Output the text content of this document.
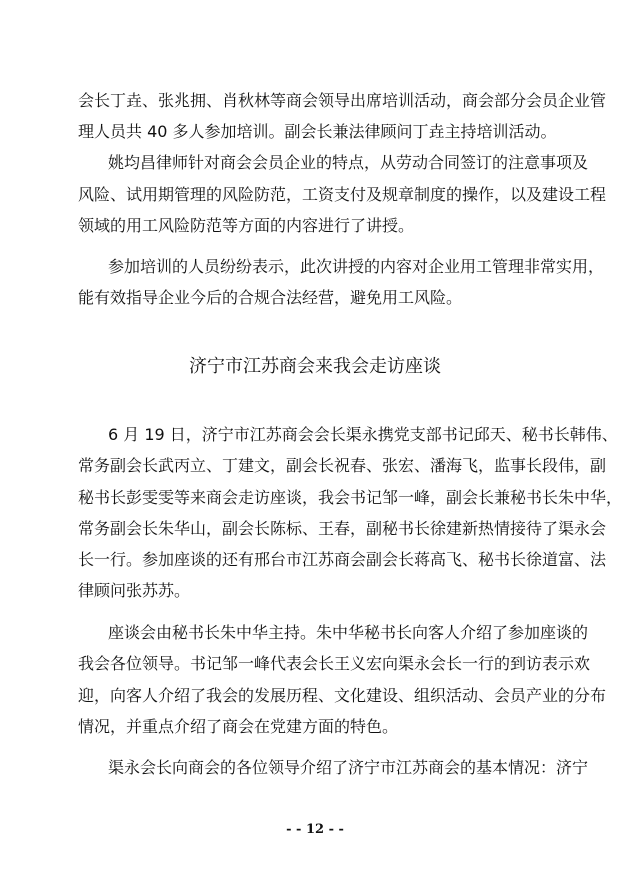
会长丁垚、张兆拥、肖秋林等商会领导出席培训活动，商会部分会员企业管
理人员共 40 多人参加培训。副会长兼法律顾问丁垚主持培训活动。
姚均昌律师针对商会会员企业的特点，从劳动合同签订的注意事项及
风险、试用期管理的风险防范，工资支付及规章制度的操作，以及建设工程
领域的用工风险防范等方面的内容进行了讲授。
参加培训的人员纷纷表示，此次讲授的内容对企业用工管理非常实用，
能有效指导企业今后的合规合法经营，避免用工风险。
济宁市江苏商会来我会走访座谈
6 月 19 日，济宁市江苏商会会长渠永携党支部书记邱天、秘书长韩伟、
常务副会长武丙立、丁建文，副会长祝春、张宏、潘海飞，监事长段伟，副
秘书长彭雯雯等来商会走访座谈，我会书记邹一峰，副会长兼秘书长朱中华，
常务副会长朱华山，副会长陈标、王春，副秘书长徐建新热情接待了渠永会
长一行。参加座谈的还有邢台市江苏商会副会长蒋高飞、秘书长徐道富、法
律顾问张苏苏。
座谈会由秘书长朱中华主持。朱中华秘书长向客人介绍了参加座谈的
我会各位领导。书记邹一峰代表会长王义宏向渠永会长一行的到访表示欢
迎，向客人介绍了我会的发展历程、文化建设、组织活动、会员产业的分布
情况，并重点介绍了商会在党建方面的特色。
渠永会长向商会的各位领导介绍了济宁市江苏商会的基本情况：济宁
- - 12 - -
